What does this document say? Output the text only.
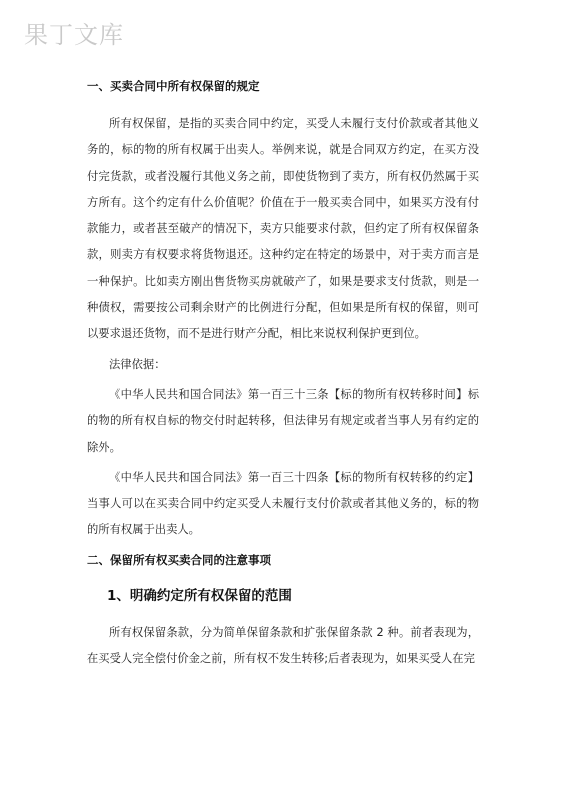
果丁文库
一、买卖合同中所有权保留的规定

所有权保留，是指的买卖合同中约定，买受人未履行支付价款或者其他义务的，标的物的所有权属于出卖人。举例来说，就是合同双方约定，在买方没付完货款，或者没履行其他义务之前，即使货物到了卖方，所有权仍然属于买方所有。这个约定有什么价值呢？价值在于一般买卖合同中，如果买方没有付款能力，或者甚至破产的情况下，卖方只能要求付款，但约定了所有权保留条款，则卖方有权要求将货物退还。这种约定在特定的场景中，对于卖方而言是一种保护。比如卖方刚出售货物买房就破产了，如果是要求支付货款，则是一种债权，需要按公司剩余财产的比例进行分配，但如果是所有权的保留，则可以要求退还货物，而不是进行财产分配，相比来说权利保护更到位。

法律依据：

《中华人民共和国合同法》第一百三十三条【标的物所有权转移时间】标的物的所有权自标的物交付时起转移，但法律另有规定或者当事人另有约定的除外。

《中华人民共和国合同法》第一百三十四条【标的物所有权转移的约定】当事人可以在买卖合同中约定买受人未履行支付价款或者其他义务的，标的物的所有权属于出卖人。

二、保留所有权买卖合同的注意事项
1、明确约定所有权保留的范围

所有权保留条款，分为简单保留条款和扩张保留条款 2 种。前者表现为，在买受人完全偿付价金之前，所有权不发生转移;后者表现为，如果买受人在完
